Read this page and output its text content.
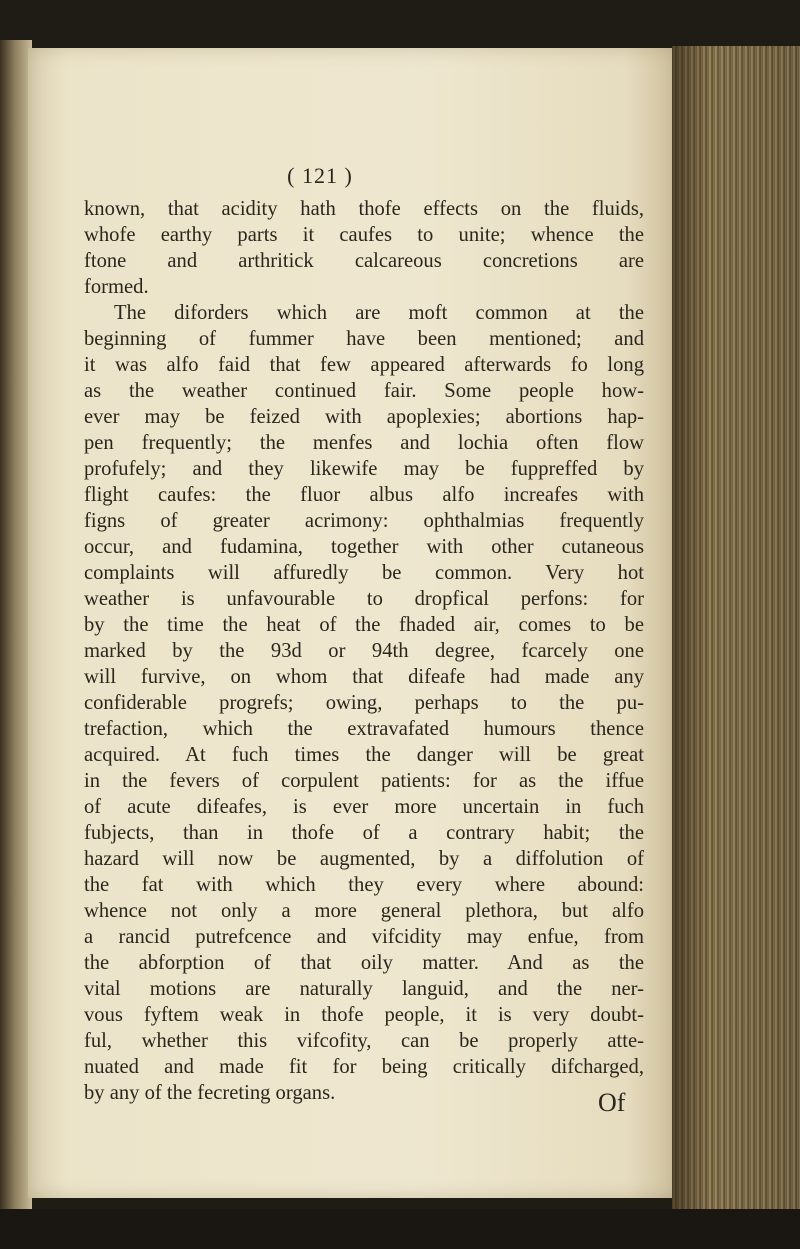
( 121 )
known, that acidity hath thofe effects on the fluids,
whofe earthy parts it caufes to unite; whence the
ftone and arthritick calcareous concretions are
formed.
The diforders which are moft common at the
beginning of fummer have been mentioned; and
it was alfo faid that few appeared afterwards fo long
as the weather continued fair. Some people how-
ever may be feized with apoplexies; abortions hap-
pen frequently; the menfes and lochia often flow
profufely; and they likewife may be fuppreffed by
flight caufes: the fluor albus alfo increafes with
figns of greater acrimony: ophthalmias frequently
occur, and fudamina, together with other cutaneous
complaints will affuredly be common. Very hot
weather is unfavourable to dropfical perfons: for
by the time the heat of the fhaded air, comes to be
marked by the 93d or 94th degree, fcarcely one
will furvive, on whom that difeafe had made any
confiderable progrefs; owing, perhaps to the pu-
trefaction, which the extravafated humours thence
acquired. At fuch times the danger will be great
in the fevers of corpulent patients: for as the iffue
of acute difeafes, is ever more uncertain in fuch
fubjects, than in thofe of a contrary habit; the
hazard will now be augmented, by a diffolution of
the fat with which they every where abound:
whence not only a more general plethora, but alfo
a rancid putrefcence and vifcidity may enfue, from
the abforption of that oily matter. And as the
vital motions are naturally languid, and the ner-
vous fyftem weak in thofe people, it is very doubt-
ful, whether this vifcofity, can be properly atte-
nuated and made fit for being critically difcharged,
by any of the fecreting organs.	Of
